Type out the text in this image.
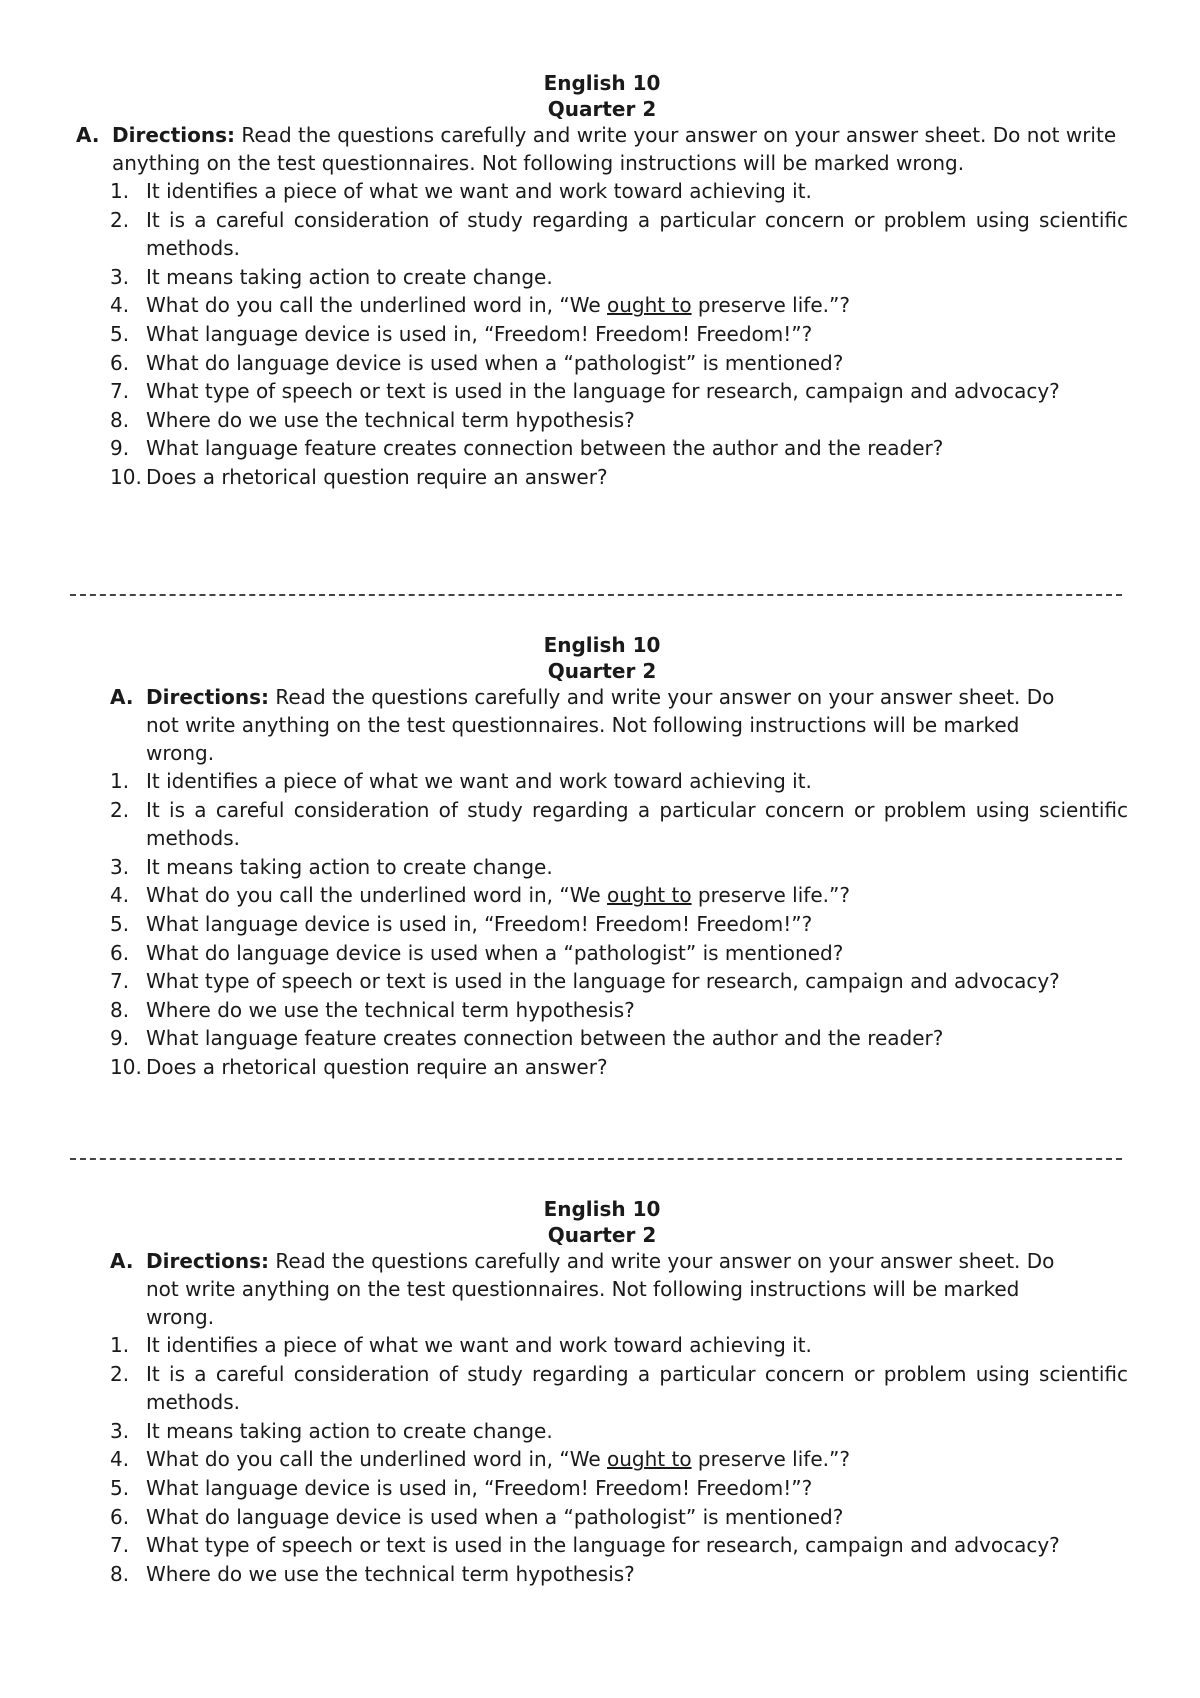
English 10
Quarter 2
A. Directions: Read the questions carefully and write your answer on your answer sheet. Do not write anything on the test questionnaires. Not following instructions will be marked wrong.

1. It identifies a piece of what we want and work toward achieving it.
2. It is a careful consideration of study regarding a particular concern or problem using scientific methods.
3. It means taking action to create change.
4. What do you call the underlined word in, “We ought to preserve life.”?
5. What language device is used in, “Freedom! Freedom! Freedom!”?
6. What do language device is used when a “pathologist” is mentioned?
7. What type of speech or text is used in the language for research, campaign and advocacy?
8. Where do we use the technical term hypothesis?
9. What language feature creates connection between the author and the reader?
10. Does a rhetorical question require an answer?
English 10
Quarter 2
A. Directions: Read the questions carefully and write your answer on your answer sheet. Do not write anything on the test questionnaires. Not following instructions will be marked wrong.

1. It identifies a piece of what we want and work toward achieving it.
2. It is a careful consideration of study regarding a particular concern or problem using scientific methods.
3. It means taking action to create change.
4. What do you call the underlined word in, “We ought to preserve life.”?
5. What language device is used in, “Freedom! Freedom! Freedom!”?
6. What do language device is used when a “pathologist” is mentioned?
7. What type of speech or text is used in the language for research, campaign and advocacy?
8. Where do we use the technical term hypothesis?
9. What language feature creates connection between the author and the reader?
10. Does a rhetorical question require an answer?
English 10
Quarter 2
A. Directions: Read the questions carefully and write your answer on your answer sheet. Do not write anything on the test questionnaires. Not following instructions will be marked wrong.

1. It identifies a piece of what we want and work toward achieving it.
2. It is a careful consideration of study regarding a particular concern or problem using scientific methods.
3. It means taking action to create change.
4. What do you call the underlined word in, “We ought to preserve life.”?
5. What language device is used in, “Freedom! Freedom! Freedom!”?
6. What do language device is used when a “pathologist” is mentioned?
7. What type of speech or text is used in the language for research, campaign and advocacy?
8. Where do we use the technical term hypothesis?
